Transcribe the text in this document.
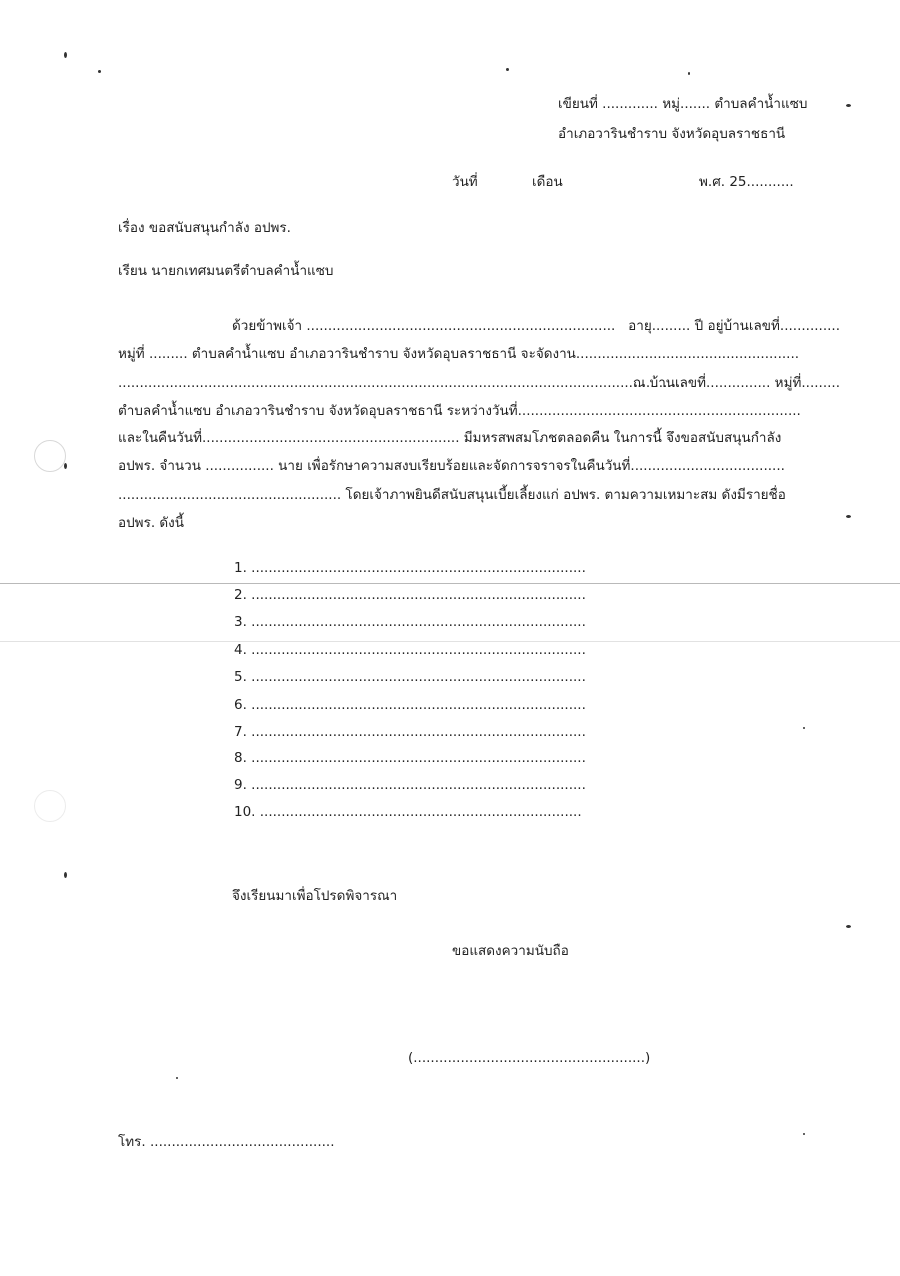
เขียนที่ ............. หมู่....... ตำบลคำน้ำแซบ
อำเภอวารินชำราบ จังหวัดอุบลราชธานี
วันที่	เดือน	พ.ศ. 25...........
เรื่อง ขอสนับสนุนกำลัง อปพร.
เรียน นายกเทศมนตรีตำบลคำน้ำแซบ
ด้วยข้าพเจ้า ........................................................................ อายุ......... ปี อยู่บ้านเลขที่..............
หมู่ที่ ......... ตำบลคำน้ำแซบ อำเภอวารินชำราบ จังหวัดอุบลราชธานี จะจัดงาน....................................................
....................................................................................................................................
ณ บ้านเลขที่............... หมู่ที่.........
ตำบลคำน้ำแซบ อำเภอวารินชำราบ จังหวัดอุบลราชธานี ระหว่างวันที่..................................................................
และในคืนวันที่............................................................ มีมหรสพสมโภชตลอดคืน ในการนี้ จึงขอสนับสนุนกำลัง
อปพร. จำนวน ................ นาย เพื่อรักษาความสงบเรียบร้อยและจัดการจราจรในคืนวันที่....................................
.................................................... โดยเจ้าภาพยินดีสนับสนุนเบี้ยเลี้ยงแก่ อปพร. ตามความเหมาะสม ดังมีรายชื่อ
อปพร. ดังนี้
1. ..............................................................................
2. ..............................................................................
3. ..............................................................................
4. ..............................................................................
5. ..............................................................................
6. ..............................................................................
7. ..............................................................................
8. ..............................................................................
9. ..............................................................................
10. ...........................................................................
จึงเรียนมาเพื่อโปรดพิจารณา
ขอแสดงความนับถือ
(......................................................)
โทร. ...........................................
